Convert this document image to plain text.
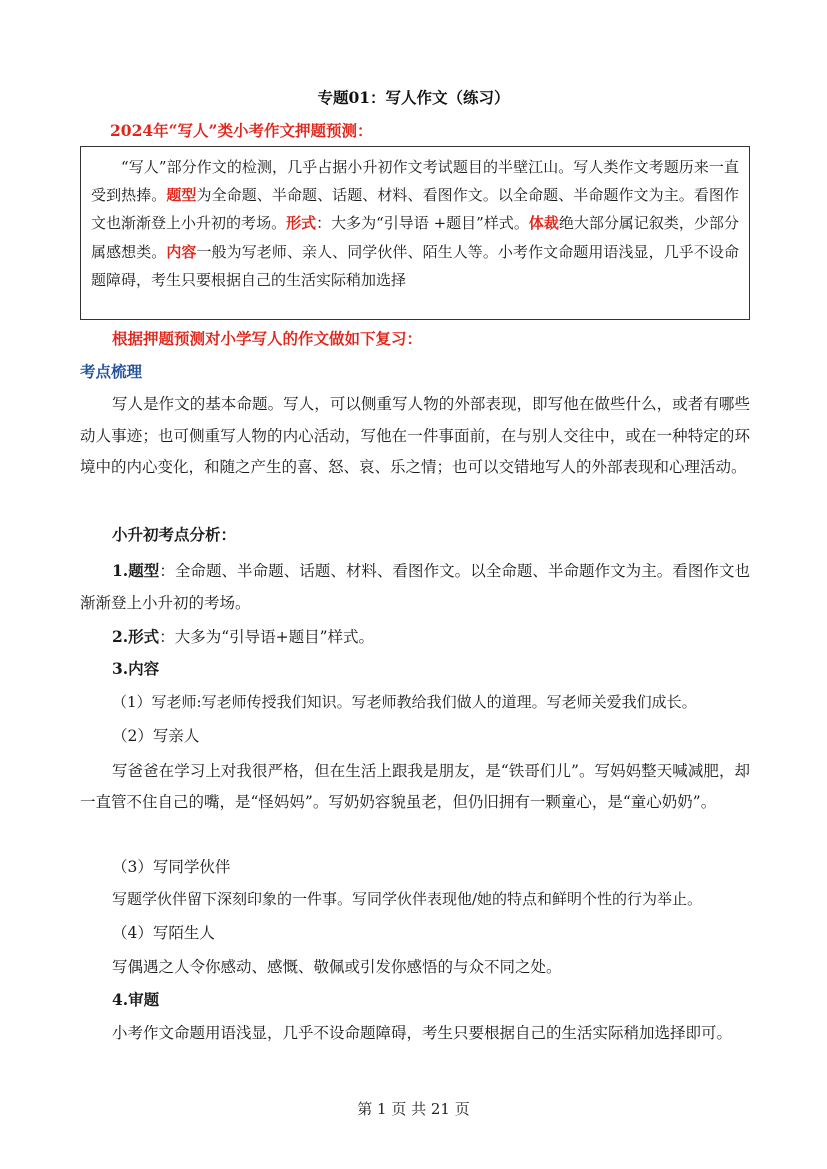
专题01：写人作文（练习）
2024年“写人”类小考作文押题预测：

“写人”部分作文的检测，几乎占据小升初作文考试题目的半壁江山。写人类作文考题历来一直受到热捧。题型为全命题、半命题、话题、材料、看图作文。以全命题、半命题作文为主。看图作文也渐渐登上小升初的考场。形式：大多为“引导语 +题目”样式。体裁绝大部分属记叙类，少部分属感想类。内容一般为写老师、亲人、同学伙伴、陌生人等。小考作文命题用语浅显，几乎不设命题障碍，考生只要根据自己的生活实际稍加选择

根据押题预测对小学写人的作文做如下复习：
考点梳理
写人是作文的基本命题。写人，可以侧重写人物的外部表现，即写他在做些什么，或者有哪些动人事迹；也可侧重写人物的内心活动，写他在一件事面前，在与别人交往中，或在一种特定的环境中的内心变化，和随之产生的喜、怒、哀、乐之情；也可以交错地写人的外部表现和心理活动。
小升初考点分析：
1.题型：全命题、半命题、话题、材料、看图作文。以全命题、半命题作文为主。看图作文也渐渐登上小升初的考场。
2.形式：大多为“引导语+题目”样式。
3.内容
（1）写老师:写老师传授我们知识。写老师教给我们做人的道理。写老师关爱我们成长。
（2）写亲人
写爸爸在学习上对我很严格，但在生活上跟我是朋友，是“铁哥们儿”。写妈妈整天喊减肥，却一直管不住自己的嘴，是“怪妈妈”。写奶奶容貌虽老，但仍旧拥有一颗童心，是“童心奶奶”。
（3）写同学伙伴
写题学伙伴留下深刻印象的一件事。写同学伙伴表现他/她的特点和鲜明个性的行为举止。
（4）写陌生人
写偶遇之人令你感动、感慨、敬佩或引发你感悟的与众不同之处。
4.审题
小考作文命题用语浅显，几乎不设命题障碍，考生只要根据自己的生活实际稍加选择即可。
第 1 页 共 21 页
